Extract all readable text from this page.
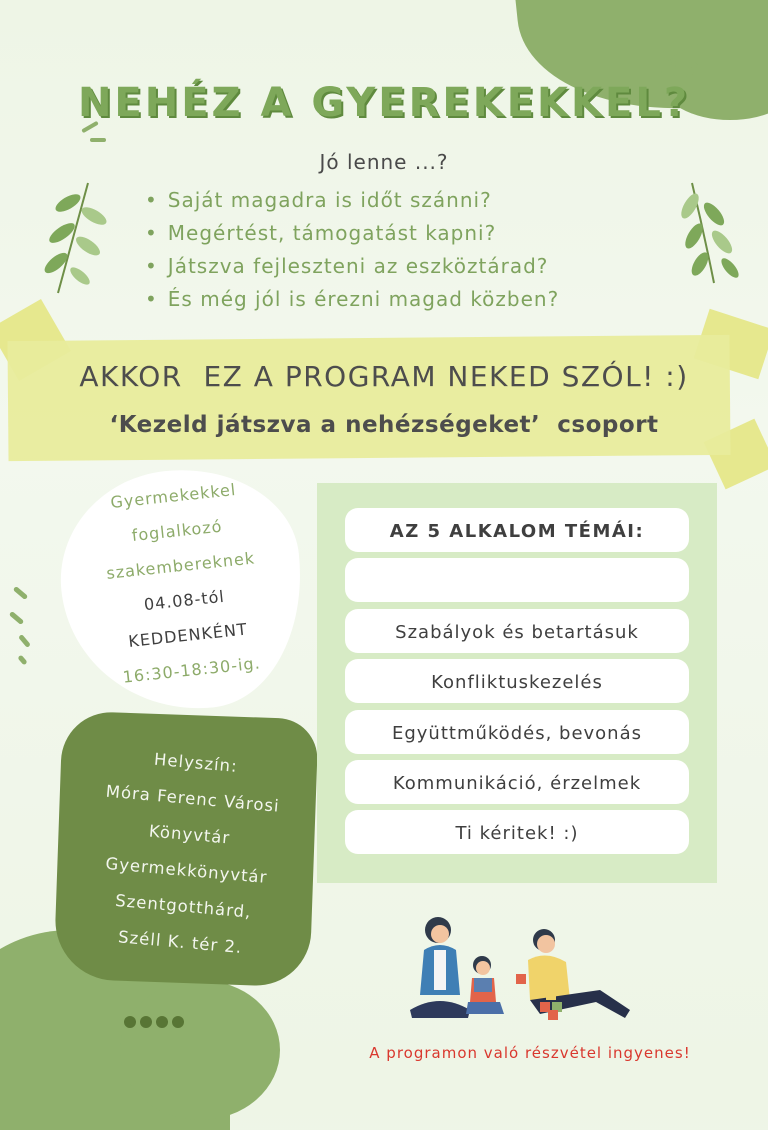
NEHÉZ A GYEREKEKKEL?
Jó lenne ...?
• Saját magadra is időt szánni?
• Megértést, támogatást kapni?
• Játszva fejleszteni az eszköztárad?
• És még jól is érezni magad közben?
AKKOR  EZ A PROGRAM NEKED SZÓL! :)
‘Kezeld játszva a nehézségeket’  csoport
Gyermekekkel
foglalkozó
szakembereknek
04.08-tól
KEDDENKÉNT
16:30-18:30-ig.
Helyszín:
Móra Ferenc Városi
Könyvtár
Gyermekkönyvtár
Szentgotthárd,
Széll K. tér 2.
AZ 5 ALKALOM TÉMÁI:
Szabályok és betartásuk
Konfliktuskezelés
Együttműködés, bevonás
Kommunikáció, érzelmek
Ti kéritek! :)
A programon való részvétel ingyenes!
